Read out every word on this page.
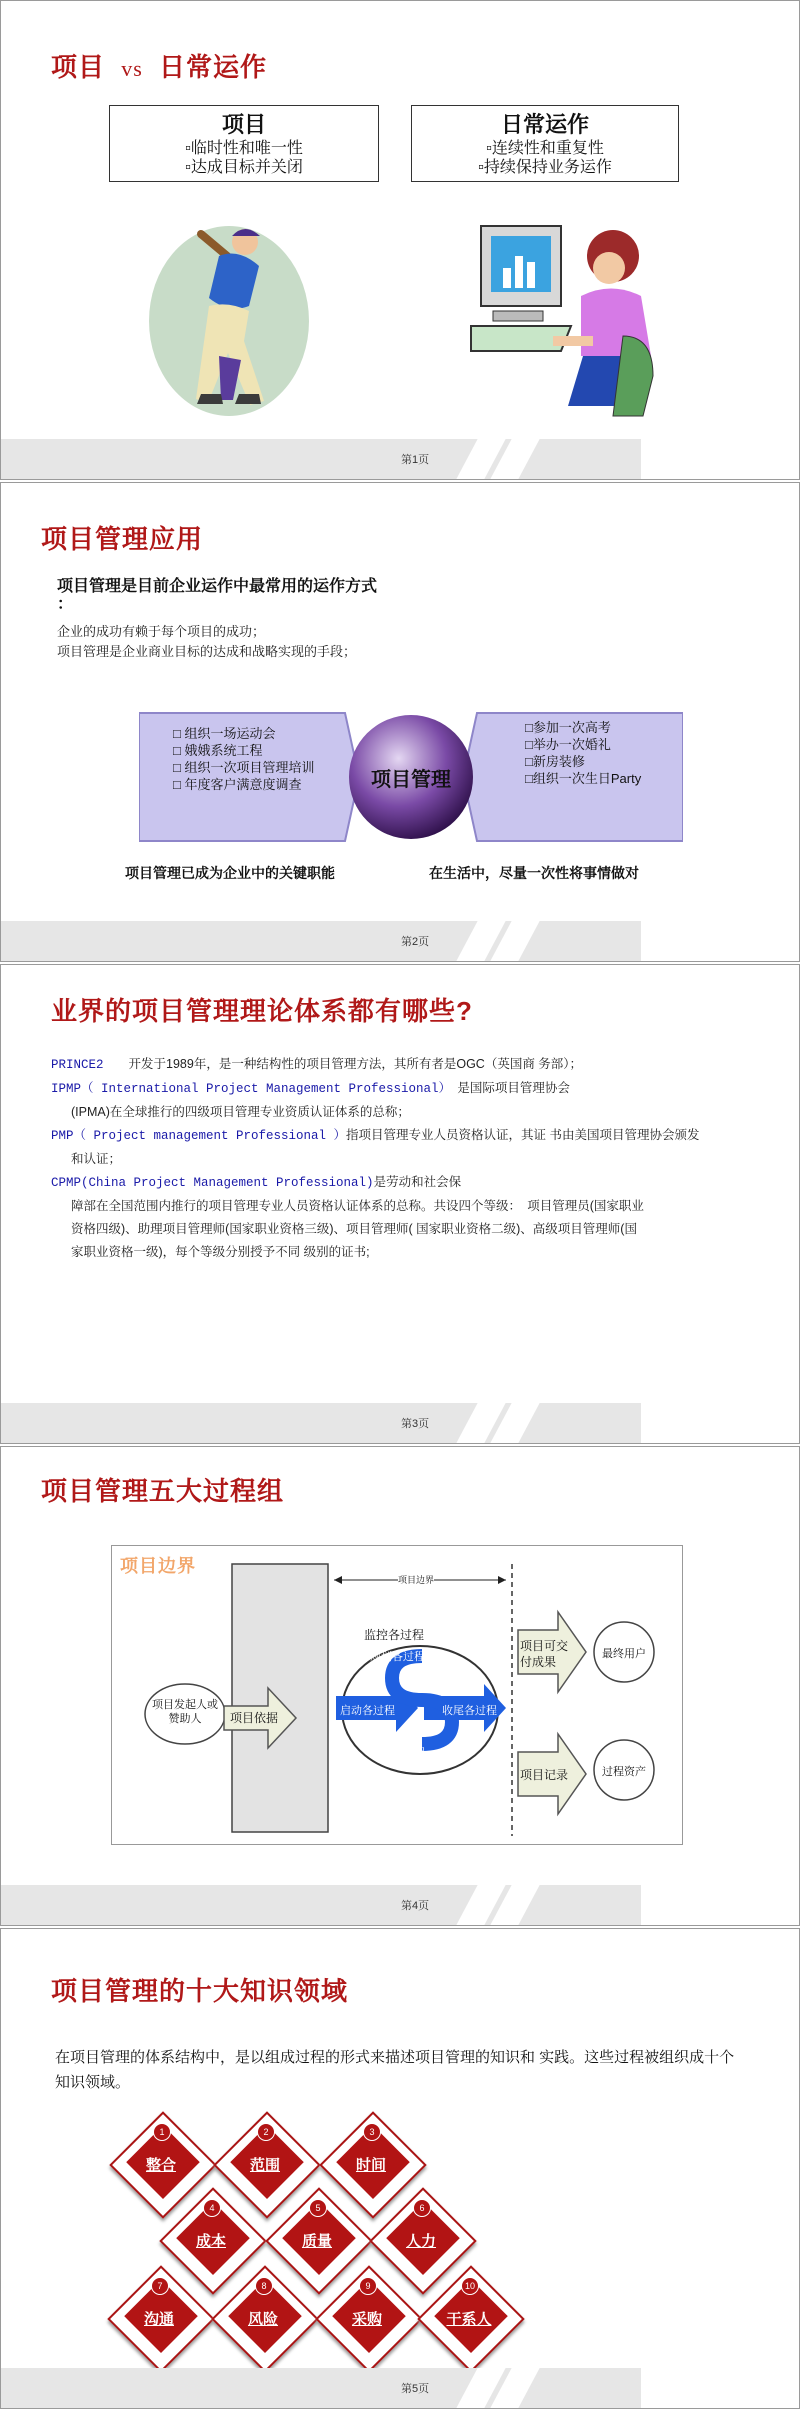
项目 vs 日常运作
项目
▫临时性和唯一性
▫达成目标并关闭
日常运作
▫连续性和重复性
▫持续保持业务运作
第1页
项目管理应用
项目管理是目前企业运作中最常用的运作方式
：
企业的成功有赖于每个项目的成功；
项目管理是企业商业目标的达成和战略实现的手段；
□ 组织一场运动会
□ 娥娥系统工程
□ 组织一次项目管理培训
□ 年度客户满意度调查	项目管理
□参加一次高考
□举办一次婚礼
□新房装修
□组织一次生日Party
项目管理已成为企业中的关键职能	在生活中，尽量一次性将事情做对
第2页
业界的项目管理理论体系都有哪些?
PRINCE2　　 开发于1989年，是一种结构性的项目管理方法，其所有者是OGC（英国商 务部）；
IPMP（ International Project Management Professional）　 是国际项目管理协会
(IPMA)在全球推行的四级项目管理专业资质认证体系的总称；
PMP（ Project management Professional ）指项目管理专业人员资格认证，其证 书由美国项目管理协会颁发
和认证；
CPMP(China Project Management Professional)是劳动和社会保
障部在全国范围内推行的项目管理专业人员资格认证体系的总称。共设四个等级：　项目管理员(国家职业
资格四级)、助理项目管理师(国家职业资格三级)、项目管理师( 国家职业资格二级)、高级项目管理师(国
家职业资格一级)，每个等级分别授予不同 级别的证书;
第3页
项目管理五大过程组
项目边界
项目边界
项目发起人或赞助人	项目依据
监控各过程
规划各过程
启动各过程
执行各过程
收尾各过程
项目可交付成果
项目记录
最终用户
过程资产
第4页
项目管理的十大知识领域
在项目管理的体系结构中，是以组成过程的形式来描述项目管理的知识和 实践。这些过程被组织成十个知识领域。
1
整合
2
范围
3
时间
4
成本
5
质量
6
人力
7
沟通
8
风险
9
采购
10
干系人
第5页
